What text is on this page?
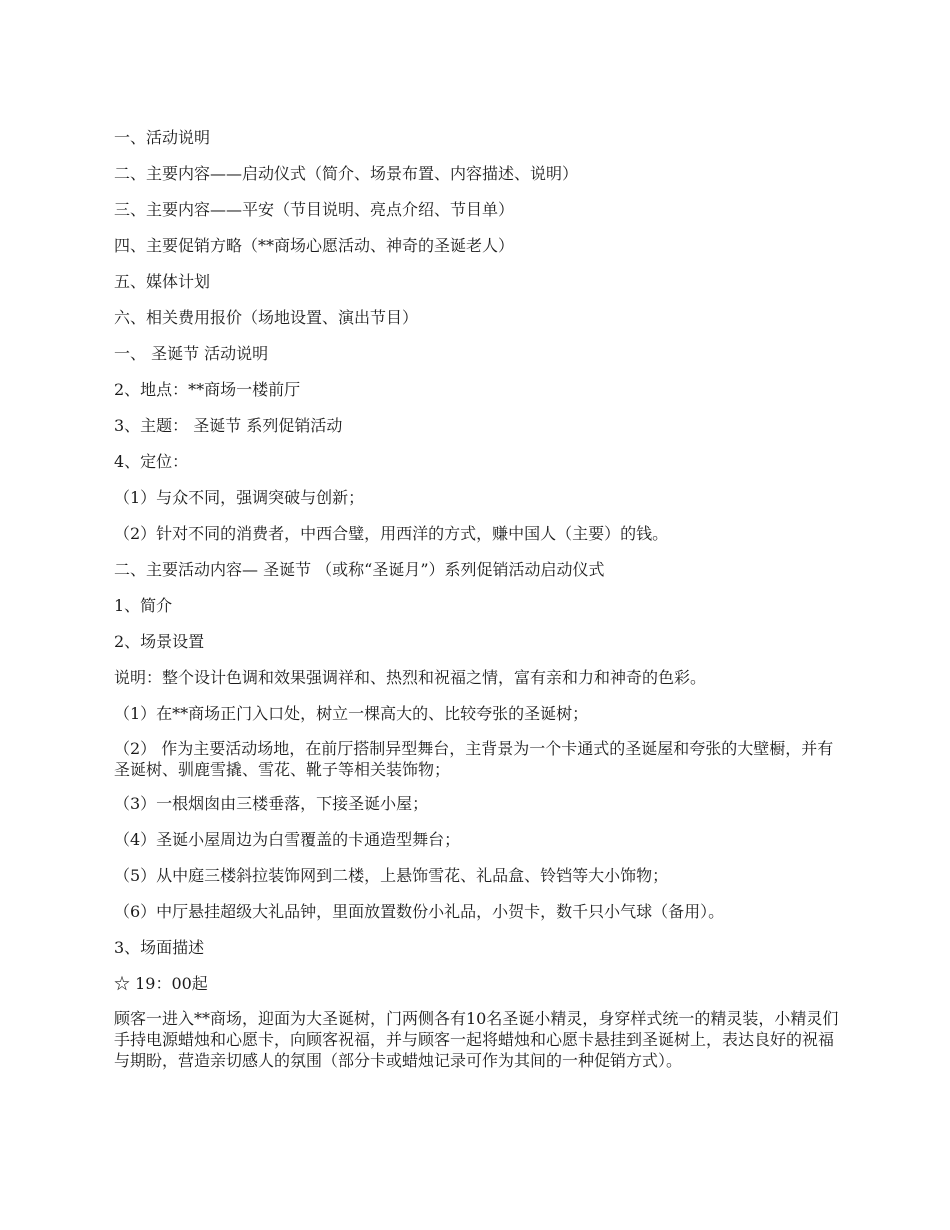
一、活动说明
二、主要内容——启动仪式（简介、场景布置、内容描述、说明）
三、主要内容——平安（节目说明、亮点介绍、节目单）
四、主要促销方略（**商场心愿活动、神奇的圣诞老人）
五、媒体计划
六、相关费用报价（场地设置、演出节目）
一、 圣诞节 活动说明
2、地点：**商场一楼前厅
3、主题： 圣诞节 系列促销活动
4、定位：
（1）与众不同，强调突破与创新；
（2）针对不同的消费者，中西合璧，用西洋的方式，赚中国人（主要）的钱。
二、主要活动内容— 圣诞节 （或称“圣诞月”）系列促销活动启动仪式
1、简介
2、场景设置
说明：整个设计色调和效果强调祥和、热烈和祝福之情，富有亲和力和神奇的色彩。
（1）在**商场正门入口处，树立一棵高大的、比较夸张的圣诞树；
（2） 作为主要活动场地，在前厅搭制异型舞台，主背景为一个卡通式的圣诞屋和夸张的大壁橱，并有圣诞树、驯鹿雪撬、雪花、靴子等相关装饰物；
（3）一根烟囱由三楼垂落，下接圣诞小屋；
（4）圣诞小屋周边为白雪覆盖的卡通造型舞台；
（5）从中庭三楼斜拉装饰网到二楼，上悬饰雪花、礼品盒、铃铛等大小饰物；
（6）中厅悬挂超级大礼品钟，里面放置数份小礼品，小贺卡，数千只小气球（备用）。
3、场面描述
☆ 19：00起
顾客一进入**商场，迎面为大圣诞树，门两侧各有10名圣诞小精灵，身穿样式统一的精灵装，小精灵们手持电源蜡烛和心愿卡，向顾客祝福，并与顾客一起将蜡烛和心愿卡悬挂到圣诞树上，表达良好的祝福与期盼，营造亲切感人的氛围（部分卡或蜡烛记录可作为其间的一种促销方式）。
